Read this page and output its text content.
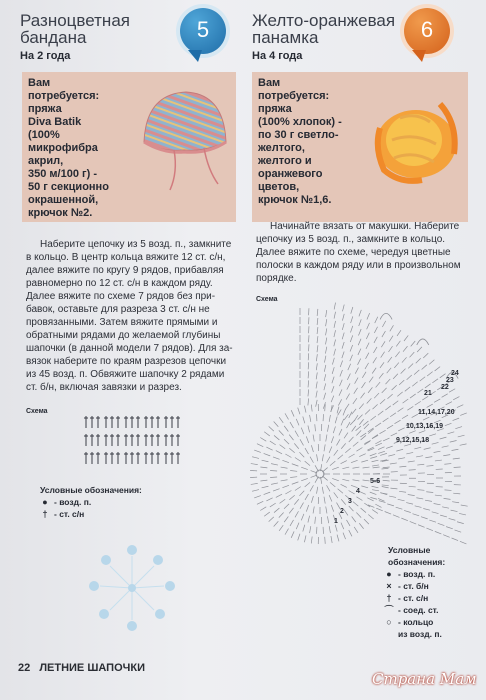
Разноцветная
бандана
На 2 года
5	Желто-оранжевая
панамка
На 4 года
6
Вам
потребуется:
пряжа
Diva Batik
(100%
микрофибра
акрил,
350 м/100 г) -
50 г секционно
окрашенной,
крючок №2.
Вам
потребуется:
пряжа
(100% хлопок) -
по 30 г светло-
желтого,
желтого и
оранжевого
цветов,
крючок №1,6.
Наберите цепочку из 5 возд. п., замкните
в кольцо. В центр кольца вяжите 12 ст. с/н,
далее вяжите по кругу 9 рядов, прибавляя
равномерно по 12 ст. с/н в каждом ряду.
Далее вяжите по схеме 7 рядов без при-
бавок, оставьте для разреза 3 ст. с/н не
провязанными. Затем вяжите прямыми и
обратными рядами до желаемой глубины
шапочки (в данной модели 7 рядов). Для за-
вязок наберите по краям разрезов цепочки
из 45 возд. п. Обвяжите шапочку 2 рядами
ст. б/н, включая завязки и разрез.
Начинайте вязать от макушки. Наберите
цепочку из 5 возд. п., замкните в кольцо.
Далее вяжите по схеме, чередуя цветные
полоски в каждом ряду или в произвольном
порядке.
Схема
Условные обозначения:
● - возд. п.
† - ст. с/н
Схема
24
23
22
21
11,14,17,20
10,13,16,19
9,12,15,18
5-6
4
3
2
1
Условные
обозначения:
● - возд. п.
× - ст. б/н
† - ст. с/н
⌒ - соед. ст.
○ - кольцо
из возд. п.
22 ЛЕТНИЕ ШАПОЧКИ
Страна Мам
